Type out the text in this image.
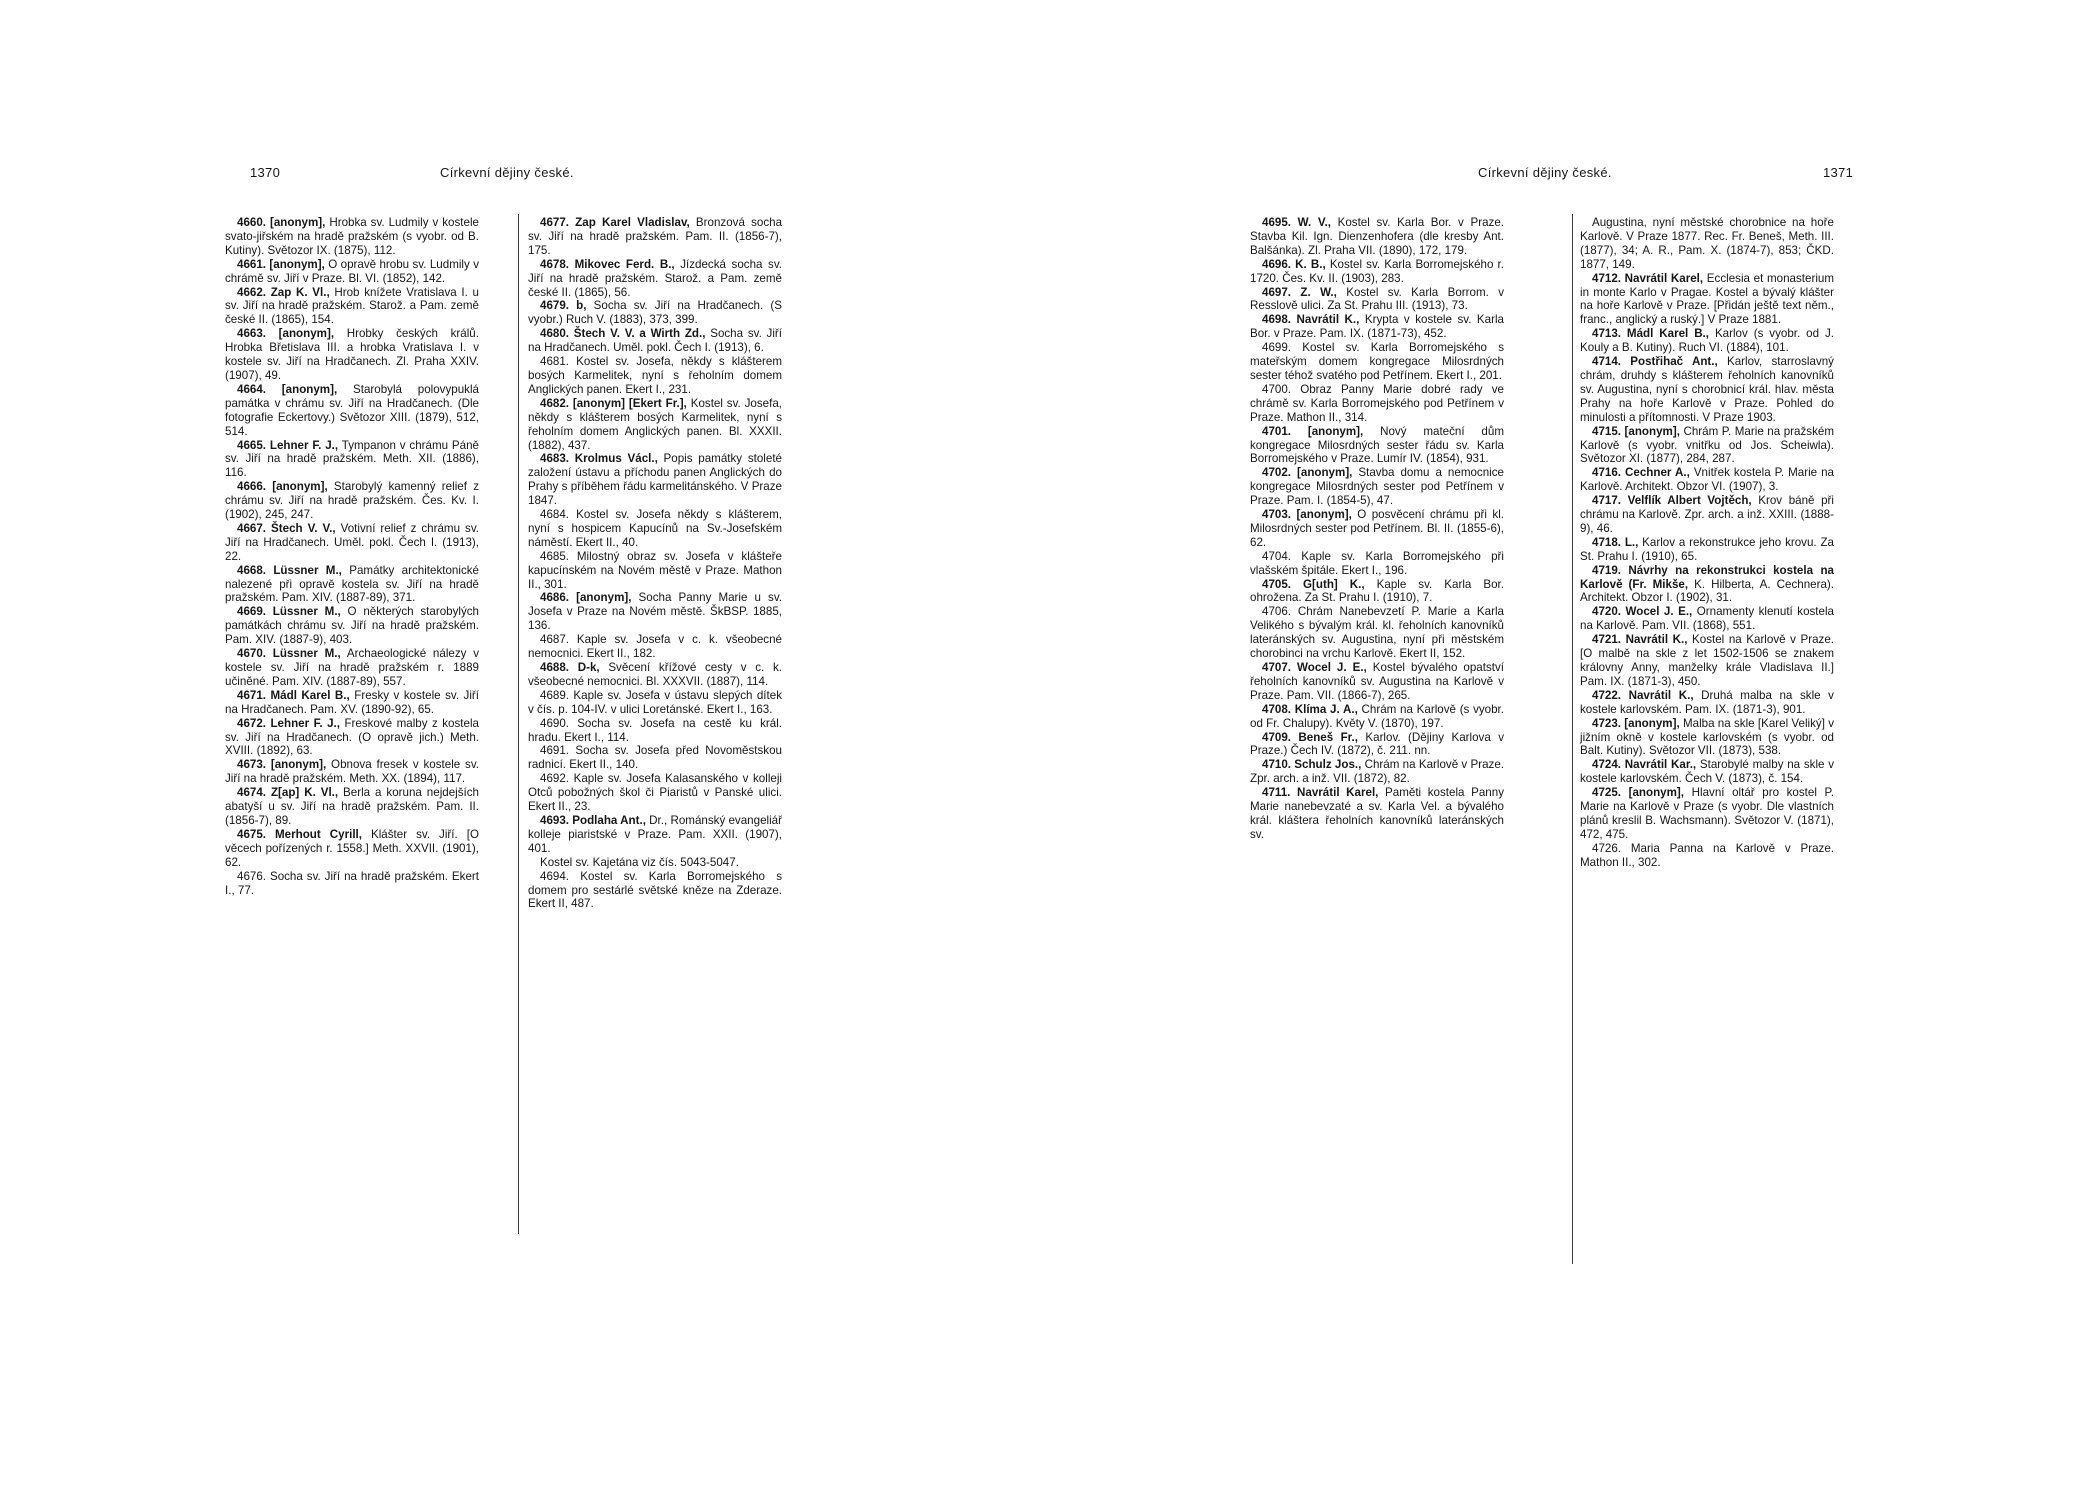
1370	Církevní dějiny české.

4660. [anonym], Hrobka sv. Ludmily v kostele svato-jiřském na hradě pražském (s vyobr. od B. Kutiny). Světozor IX. (1875), 112.

4661. [anonym], O opravě hrobu sv. Ludmily v chrámě sv. Jiří v Praze. Bl. VI. (1852), 142.

4662. Zap K. Vl., Hrob knížete Vratislava I. u sv. Jiří na hradě pražském. Starož. a Pam. země české II. (1865), 154.

4663. [anonym], Hrobky českých králů. Hrobka Břetislava III. a hrobka Vratislava I. v kostele sv. Jiří na Hradčanech. Zl. Praha XXIV. (1907), 49.

4664. [anonym], Starobylá polovypuklá památka v chrámu sv. Jiří na Hradčanech. (Dle fotografie Eckertovy.) Světozor XIII. (1879), 512, 514.

4665. Lehner F. J., Tympanon v chrámu Páně sv. Jiří na hradě pražském. Meth. XII. (1886), 116.

4666. [anonym], Starobylý kamenný relief z chrámu sv. Jiří na hradě pražském. Čes. Kv. I. (1902), 245, 247.

4667. Štech V. V., Votivní relief z chrámu sv. Jiří na Hradčanech. Uměl. pokl. Čech I. (1913), 22.

4668. Lüssner M., Památky architektonické nalezené při opravě kostela sv. Jiří na hradě pražském. Pam. XIV. (1887-89), 371.

4669. Lüssner M., O některých starobylých památkách chrámu sv. Jiří na hradě pražském. Pam. XIV. (1887-9), 403.

4670. Lüssner M., Archaeologické nálezy v kostele sv. Jiří na hradě pražském r. 1889 učiněné. Pam. XIV. (1887-89), 557.

4671. Mádl Karel B., Fresky v kostele sv. Jiří na Hradčanech. Pam. XV. (1890-92), 65.

4672. Lehner F. J., Freskové malby z kostela sv. Jiří na Hradčanech. (O opravě jich.) Meth. XVIII. (1892), 63.

4673. [anonym], Obnova fresek v kostele sv. Jiří na hradě pražském. Meth. XX. (1894), 117.

4674. Z[ap] K. Vl., Berla a koruna nejdejších abatyší u sv. Jiří na hradě pražském. Pam. II. (1856-7), 89.

4675. Merhout Cyrill, Klášter sv. Jiří. [O věcech pořízených r. 1558.] Meth. XXVII. (1901), 62.

4676. Socha sv. Jiří na hradě pražském. Ekert I., 77.

4677. Zap Karel Vladislav, Bronzová socha sv. Jiří na hradě pražském. Pam. II. (1856-7), 175.

4678. Mikovec Ferd. B., Jízdecká socha sv. Jiří na hradě pražském. Starož. a Pam. země české II. (1865), 56.

4679. b, Socha sv. Jiří na Hradčanech. (S vyobr.) Ruch V. (1883), 373, 399.

4680. Štech V. V. a Wirth Zd., Socha sv. Jiří na Hradčanech. Uměl. pokl. Čech I. (1913), 6.

4681. Kostel sv. Josefa, někdy s klášterem bosých Karmelitek, nyní s řeholním domem Anglických panen. Ekert I., 231.

4682. [anonym] [Ekert Fr.], Kostel sv. Josefa, někdy s klášterem bosých Karmelitek, nyní s řeholním domem Anglických panen. Bl. XXXII. (1882), 437.

4683. Krolmus Václ., Popis památky stoleté založení ústavu a příchodu panen Anglických do Prahy s příběhem řádu karmelitánského. V Praze 1847.

4684. Kostel sv. Josefa někdy s klášterem, nyní s hospicem Kapucínů na Sv.-Josefském náměstí. Ekert II., 40.

4685. Milostný obraz sv. Josefa v klášteře kapucínském na Novém městě v Praze. Mathon II., 301.

4686. [anonym], Socha Panny Marie u sv. Josefa v Praze na Novém městě. ŠkBSP. 1885, 136.

4687. Kaple sv. Josefa v c. k. všeobecné nemocnici. Ekert II., 182.

4688. D-k, Svěcení křížové cesty v c. k. všeobecné nemocnici. Bl. XXXVII. (1887), 114.

4689. Kaple sv. Josefa v ústavu slepých dítek v čís. p. 104-IV. v ulici Loretánské. Ekert I., 163.

4690. Socha sv. Josefa na cestě ku král. hradu. Ekert I., 114.

4691. Socha sv. Josefa před Novoměstskou radnicí. Ekert II., 140.

4692. Kaple sv. Josefa Kalasanského v kolleji Otců pobožných škol či Piaristů v Panské ulici. Ekert II., 23.

4693. Podlaha Ant., Dr., Románský evangeliář kolleje piaristské v Praze. Pam. XXII. (1907), 401.

Kostel sv. Kajetána viz čís. 5043-5047.

4694. Kostel sv. Karla Borromejského s domem pro sestárlé světské kněze na Zderaze. Ekert II, 487.

Církevní dějiny české.	1371

4695. W. V., Kostel sv. Karla Bor. v Praze. Stavba Kil. Ign. Dienzenhofera (dle kresby Ant. Balšánka). Zl. Praha VII. (1890), 172, 179.

4696. K. B., Kostel sv. Karla Borromejského r. 1720. Čes. Kv. II. (1903), 283.

4697. Z. W., Kostel sv. Karla Borrom. v Resslově ulici. Za St. Prahu III. (1913), 73.

4698. Navrátil K., Krypta v kostele sv. Karla Bor. v Praze. Pam. IX. (1871-73), 452.

4699. Kostel sv. Karla Borromejského s mateřským domem kongregace Milosrdných sester téhož svatého pod Petřínem. Ekert I., 201.

4700. Obraz Panny Marie dobré rady ve chrámě sv. Karla Borromejského pod Petřínem v Praze. Mathon II., 314.

4701. [anonym], Nový mateční dům kongregace Milosrdných sester řádu sv. Karla Borromejského v Praze. Lumír IV. (1854), 931.

4702. [anonym], Stavba domu a nemocnice kongregace Milosrdných sester pod Petřínem v Praze. Pam. I. (1854-5), 47.

4703. [anonym], O posvěcení chrámu při kl. Milosrdných sester pod Petřínem. Bl. II. (1855-6), 62.

4704. Kaple sv. Karla Borromejského při vlašském špitále. Ekert I., 196.

4705. G[uth] K., Kaple sv. Karla Bor. ohrožena. Za St. Prahu I. (1910), 7.

4706. Chrám Nanebevzetí P. Marie a Karla Velikého s bývalým král. kl. řeholních kanovníků lateránských sv. Augustina, nyní při městském chorobinci na vrchu Karlově. Ekert II, 152.

4707. Wocel J. E., Kostel bývalého opatství řeholních kanovníků sv. Augustina na Karlově v Praze. Pam. VII. (1866-7), 265.

4708. Klíma J. A., Chrám na Karlově (s vyobr. od Fr. Chalupy). Květy V. (1870), 197.

4709. Beneš Fr., Karlov. (Dějiny Karlova v Praze.) Čech IV. (1872), č. 211. nn.

4710. Schulz Jos., Chrám na Karlově v Praze. Zpr. arch. a inž. VII. (1872), 82.

4711. Navrátil Karel, Paměti kostela Panny Marie nanebevzaté a sv. Karla Vel. a bývalého král. kláštera řeholních kanovníků lateránských sv.

Augustina, nyní městské chorobnice na hoře Karlově. V Praze 1877. Rec. Fr. Beneš, Meth. III. (1877), 34; A. R., Pam. X. (1874-7), 853; ČKD. 1877, 149.

4712. Navrátil Karel, Ecclesia et monasterium in monte Karlo v Pragae. Kostel a bývalý klášter na hoře Karlově v Praze. [Přidán ještě text něm., franc., anglický a ruský.] V Praze 1881.

4713. Mádl Karel B., Karlov (s vyobr. od J. Kouly a B. Kutiny). Ruch VI. (1884), 101.

4714. Postřihač Ant., Karlov, starroslavný chrám, druhdy s klášterem řeholních kanovníků sv. Augustina, nyní s chorobnicí král. hlav. města Prahy na hoře Karlově v Praze. Pohled do minulosti a přítomnosti. V Praze 1903.

4715. [anonym], Chrám P. Marie na pražském Karlově (s vyobr. vnitřku od Jos. Scheiwla). Světozor XI. (1877), 284, 287.

4716. Cechner A., Vnitřek kostela P. Marie na Karlově. Architekt. Obzor VI. (1907), 3.

4717. Velflík Albert Vojtěch, Krov báně při chrámu na Karlově. Zpr. arch. a inž. XXIII. (1888-9), 46.

4718. L., Karlov a rekonstrukce jeho krovu. Za St. Prahu I. (1910), 65.

4719. Návrhy na rekonstrukci kostela na Karlově (Fr. Mikše, K. Hilberta, A. Cechnera). Architekt. Obzor I. (1902), 31.

4720. Wocel J. E., Ornamenty klenutí kostela na Karlově. Pam. VII. (1868), 551.

4721. Navrátil K., Kostel na Karlově v Praze. [O malbě na skle z let 1502-1506 se znakem královny Anny, manželky krále Vladislava II.] Pam. IX. (1871-3), 450.

4722. Navrátil K., Druhá malba na skle v kostele karlovském. Pam. IX. (1871-3), 901.

4723. [anonym], Malba na skle [Karel Veliký] v jižním okně v kostele karlovském (s vyobr. od Balt. Kutiny). Světozor VII. (1873), 538.

4724. Navrátil Kar., Starobylé malby na skle v kostele karlovském. Čech V. (1873), č. 154.

4725. [anonym], Hlavní oltář pro kostel P. Marie na Karlově v Praze (s vyobr. Dle vlastních plánů kreslil B. Wachsmann). Světozor V. (1871), 472, 475.

4726. Maria Panna na Karlově v Praze. Mathon II., 302.
